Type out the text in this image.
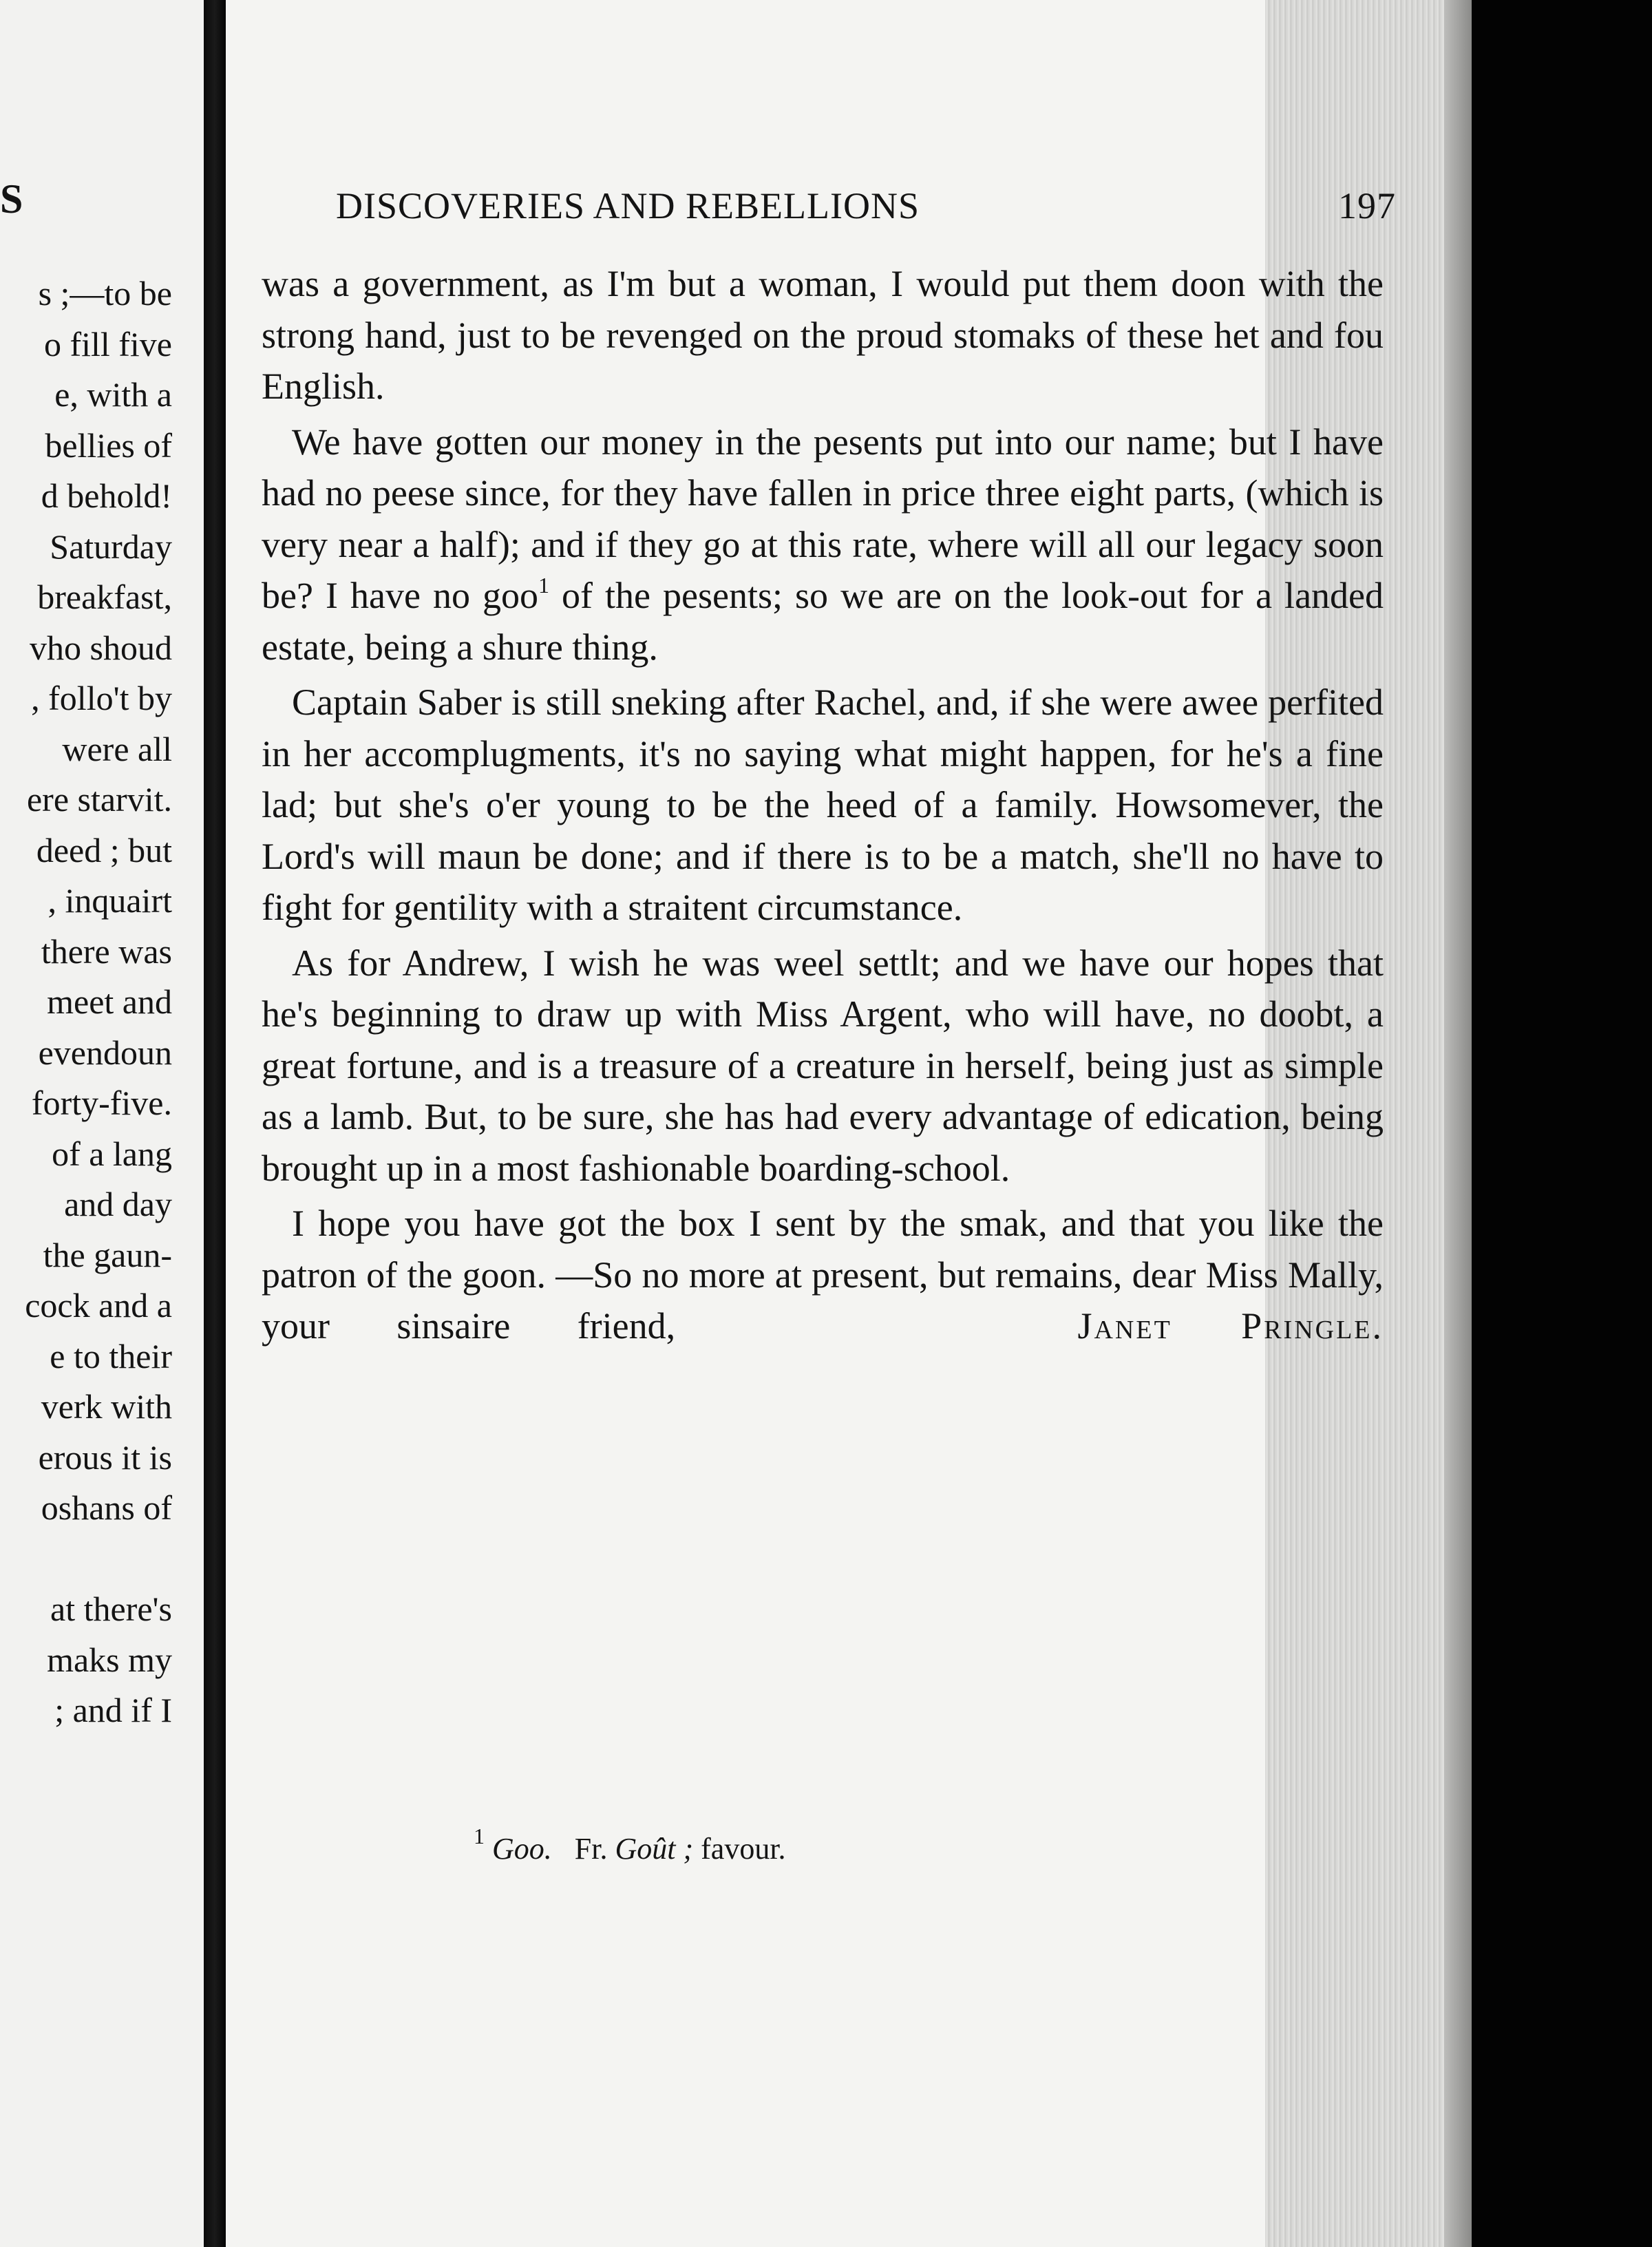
S
s ;—to be
o fill five
e, with a
bellies of
d behold!
Saturday
breakfast,
vho shoud
, follo't by
were all
ere starvit.
deed ; but
, inquairt
there was
meet and
evendoun
forty-five.
of a lang
and day
the gaun-
cock and a
e to their
verk with
erous it is
oshans of

at there's
maks my
; and if I
DISCOVERIES AND REBELLIONS	197

was a government, as I'm but a woman, I would put them doon with the strong hand, just to be revenged on the proud stomaks of these het and fou English.

We have gotten our money in the pesents put into our name; but I have had no peese since, for they have fallen in price three eight parts, (which is very near a half); and if they go at this rate, where will all our legacy soon be? I have no goo$^1$ of the pesents; so we are on the look-out for a landed estate, being a shure thing.

Captain Saber is still sneking after Rachel, and, if she were awee perfited in her accomplugments, it's no saying what might happen, for he's a fine lad; but she's o'er young to be the heed of a family. Howsomever, the Lord's will maun be done; and if there is to be a match, she'll no have to fight for gentility with a straitent circumstance.

As for Andrew, I wish he was weel settlt; and we have our hopes that he's beginning to draw up with Miss Argent, who will have, no doobt, a great fortune, and is a treasure of a creature in herself, being just as simple as a lamb. But, to be sure, she has had every advantage of edication, being brought up in a most fashionable boarding-school.

I hope you have got the box I sent by the smak, and that you like the patron of the goon. —So no more at present, but remains, dear Miss Mally, your sinsaire friend,	Janet Pringle.

$^1$ Goo. Fr. Goût ; favour.
